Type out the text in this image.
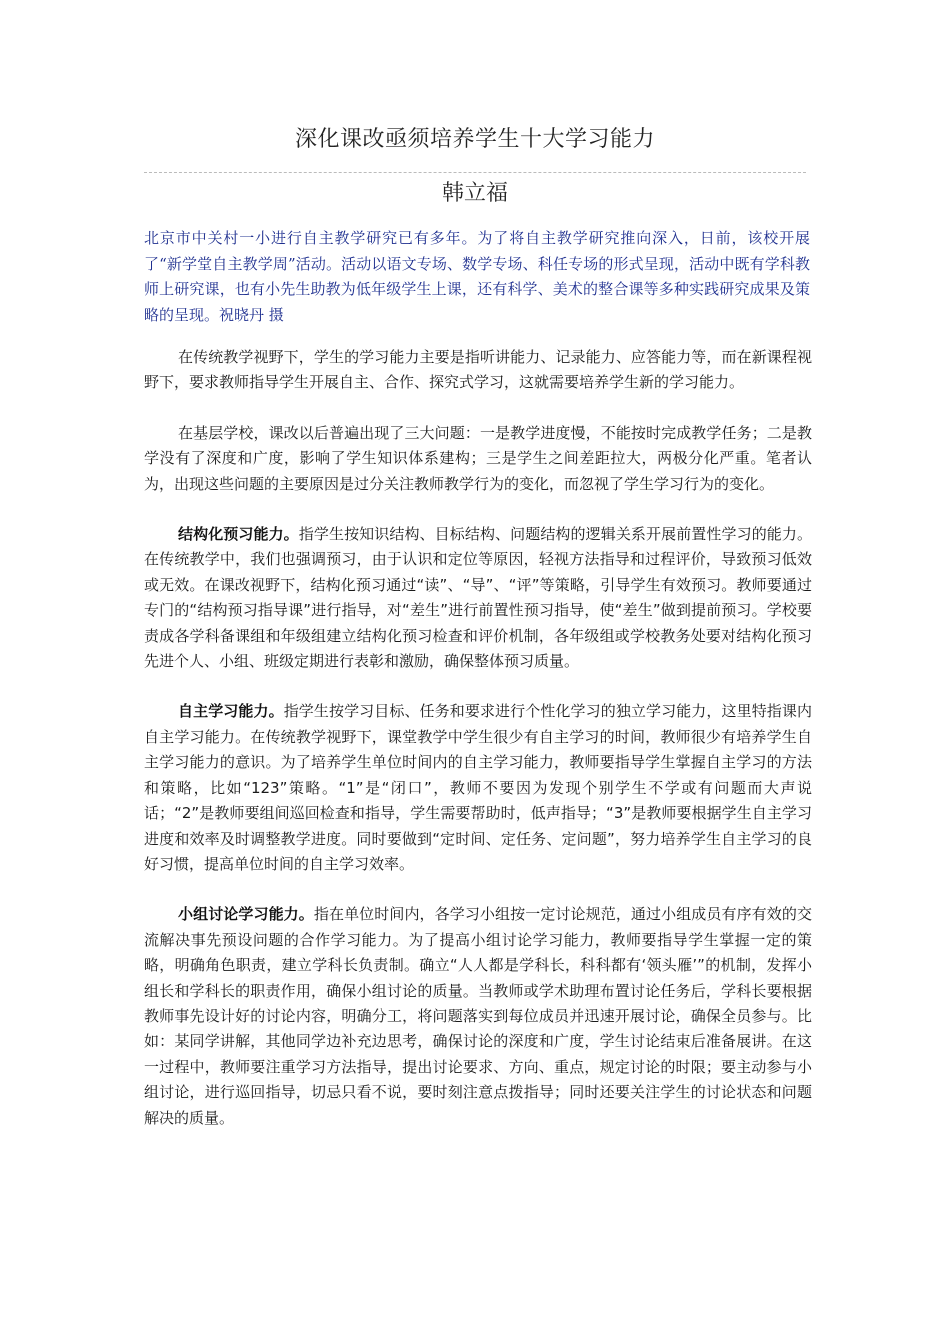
深化课改亟须培养学生十大学习能力
韩立福
北京市中关村一小进行自主教学研究已有多年。为了将自主教学研究推向深入，日前，该校开展了“新学堂自主教学周”活动。活动以语文专场、数学专场、科任专场的形式呈现，活动中既有学科教师上研究课，也有小先生助教为低年级学生上课，还有科学、美术的整合课等多种实践研究成果及策略的呈现。祝晓丹 摄

在传统教学视野下，学生的学习能力主要是指听讲能力、记录能力、应答能力等，而在新课程视野下，要求教师指导学生开展自主、合作、探究式学习，这就需要培养学生新的学习能力。

在基层学校，课改以后普遍出现了三大问题：一是教学进度慢，不能按时完成教学任务；二是教学没有了深度和广度，影响了学生知识体系建构；三是学生之间差距拉大，两极分化严重。笔者认为，出现这些问题的主要原因是过分关注教师教学行为的变化，而忽视了学生学习行为的变化。

结构化预习能力。指学生按知识结构、目标结构、问题结构的逻辑关系开展前置性学习的能力。在传统教学中，我们也强调预习，由于认识和定位等原因，轻视方法指导和过程评价，导致预习低效或无效。在课改视野下，结构化预习通过“读”、“导”、“评”等策略，引导学生有效预习。教师要通过专门的“结构预习指导课”进行指导，对“差生”进行前置性预习指导，使“差生”做到提前预习。学校要责成各学科备课组和年级组建立结构化预习检查和评价机制，各年级组或学校教务处要对结构化预习先进个人、小组、班级定期进行表彰和激励，确保整体预习质量。

自主学习能力。指学生按学习目标、任务和要求进行个性化学习的独立学习能力，这里特指课内自主学习能力。在传统教学视野下，课堂教学中学生很少有自主学习的时间，教师很少有培养学生自主学习能力的意识。为了培养学生单位时间内的自主学习能力，教师要指导学生掌握自主学习的方法和策略，比如“123”策略。“1”是“闭口”，教师不要因为发现个别学生不学或有问题而大声说话；“2”是教师要组间巡回检查和指导，学生需要帮助时，低声指导；“3”是教师要根据学生自主学习进度和效率及时调整教学进度。同时要做到“定时间、定任务、定问题”，努力培养学生自主学习的良好习惯，提高单位时间的自主学习效率。

小组讨论学习能力。指在单位时间内，各学习小组按一定讨论规范，通过小组成员有序有效的交流解决事先预设问题的合作学习能力。为了提高小组讨论学习能力，教师要指导学生掌握一定的策略，明确角色职责，建立学科长负责制。确立“人人都是学科长，科科都有‘领头雁’”的机制，发挥小组长和学科长的职责作用，确保小组讨论的质量。当教师或学术助理布置讨论任务后，学科长要根据教师事先设计好的讨论内容，明确分工，将问题落实到每位成员并迅速开展讨论，确保全员参与。比如：某同学讲解，其他同学边补充边思考，确保讨论的深度和广度，学生讨论结束后准备展讲。在这一过程中，教师要注重学习方法指导，提出讨论要求、方向、重点，规定讨论的时限；要主动参与小组讨论，进行巡回指导，切忌只看不说，要时刻注意点拨指导；同时还要关注学生的讨论状态和问题解决的质量。
